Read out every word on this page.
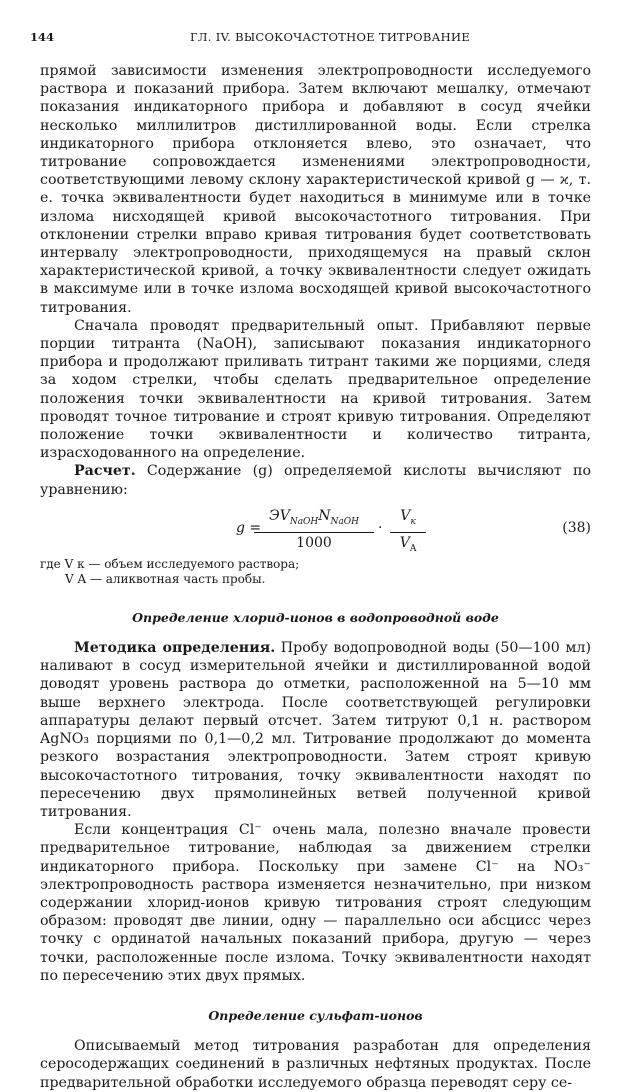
144	ГЛ. IV. ВЫСОКОЧАСТОТНОЕ ТИТРОВАНИЕ

прямой зависимости изменения электропроводности исследуемого раствора и показаний прибора. Затем включают мешалку, отмечают показания индикаторного прибора и добавляют в сосуд ячейки несколько миллилитров дистиллированной воды. Если стрелка индикаторного прибора отклоняется влево, это означает, что титрование сопровождается изменениями электропроводности, соответствующими левому склону характеристической кривой g — ϰ, т. е. точка эквивалентности будет находиться в минимуме или в точке излома нисходящей кривой высокочастотного титрования. При отклонении стрелки вправо кривая титрования будет соответствовать интервалу электропроводности, приходящемуся на правый склон характеристической кривой, а точку эквивалентности следует ожидать в максимуме или в точке излома восходящей кривой высокочастотного титрования.

Сначала проводят предварительный опыт. Прибавляют первые порции титранта (NaOH), записывают показания индикаторного прибора и продолжают приливать титрант такими же порциями, следя за ходом стрелки, чтобы сделать предварительное определение положения точки эквивалентности на кривой титрования. Затем проводят точное титрование и строят кривую титрования. Определяют положение точки эквивалентности и количество титранта, израсходованного на определение.

Расчет. Содержание (g) определяемой кислоты вычисляют по уравнению:

g =
$ЭV_{NaOH}N_{NaOH}$
1000
·
$V_к$
$V_A$
(38)
где V к — объем исследуемого раствора;
V A — аликвотная часть пробы.
Определение хлорид-ионов в водопроводной воде

Методика определения. Пробу водопроводной воды (50—100 мл) наливают в сосуд измерительной ячейки и дистиллированной водой доводят уровень раствора до отметки, расположенной на 5—10 мм выше верхнего электрода. После соответствующей регулировки аппаратуры делают первый отсчет. Затем титруют 0,1 н. раствором AgNO₃ порциями по 0,1—0,2 мл. Титрование продолжают до момента резкого возрастания электропроводности. Затем строят кривую высокочастотного титрования, точку эквивалентности находят по пересечению двух прямолинейных ветвей полученной кривой титрования.

Если концентрация Cl⁻ очень мала, полезно вначале провести предварительное титрование, наблюдая за движением стрелки индикаторного прибора. Поскольку при замене Cl⁻ на NO₃⁻ электропроводность раствора изменяется незначительно, при низком содержании хлорид-ионов кривую титрования строят следующим образом: проводят две линии, одну — параллельно оси абсцисс через точку с ординатой начальных показаний прибора, другую — через точки, расположенные после излома. Точку эквивалентности находят по пересечению этих двух прямых.

Определение сульфат-ионов

Описываемый метод титрования разработан для определения серосодержащих соединений в различных нефтяных продуктах. После предварительной обработки исследуемого образца переводят серу се-
